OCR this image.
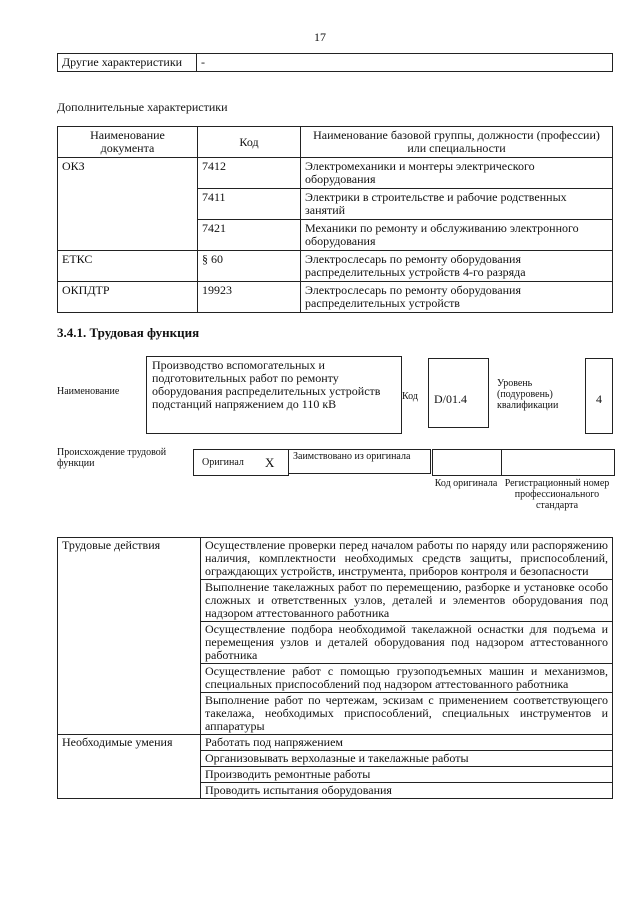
17
Другие характеристики	-
Дополнительные характеристики
Наименование документа	Код	Наименование базовой группы, должности (профессии) или специальности
ОКЗ	7412	Электромеханики и монтеры электрического оборудования
	7411	Электрики в строительстве и рабочие родственных занятий
	7421	Механики по ремонту и обслуживанию электронного оборудования
ЕТКС	§ 60	Электрослесарь по ремонту оборудования распределительных устройств 4-го разряда
ОКПДТР	19923	Электрослесарь по ремонту оборудования распределительных устройств
3.4.1. Трудовая функция
Наименование
Производство вспомогательных и подготовительных работ по ремонту оборудования распределительных устройств подстанций напряжением до 110 кВ
Код	D/01.4
Уровень (подуровень) квалификации	4
Происхождение трудовой функции	Оригинал X	Заимствовано из оригинала
Код оригинала Регистрационный номер профессионального стандарта
Трудовые действия	Осуществление проверки перед началом работы по наряду или распоряжению наличия, комплектности необходимых средств защиты, приспособлений, ограждающих устройств, инструмента, приборов контроля и безопасности
	Выполнение такелажных работ по перемещению, разборке и установке особо сложных и ответственных узлов, деталей и элементов оборудования под надзором аттестованного работника
	Осуществление подбора необходимой такелажной оснастки для подъема и перемещения узлов и деталей оборудования под надзором аттестованного работника
	Осуществление работ с помощью грузоподъемных машин и механизмов, специальных приспособлений под надзором аттестованного работника
	Выполнение работ по чертежам, эскизам с применением соответствующего такелажа, необходимых приспособлений, специальных инструментов и аппаратуры
Необходимые умения	Работать под напряжением
	Организовывать верхолазные и такелажные работы
	Производить ремонтные работы
	Проводить испытания оборудования
